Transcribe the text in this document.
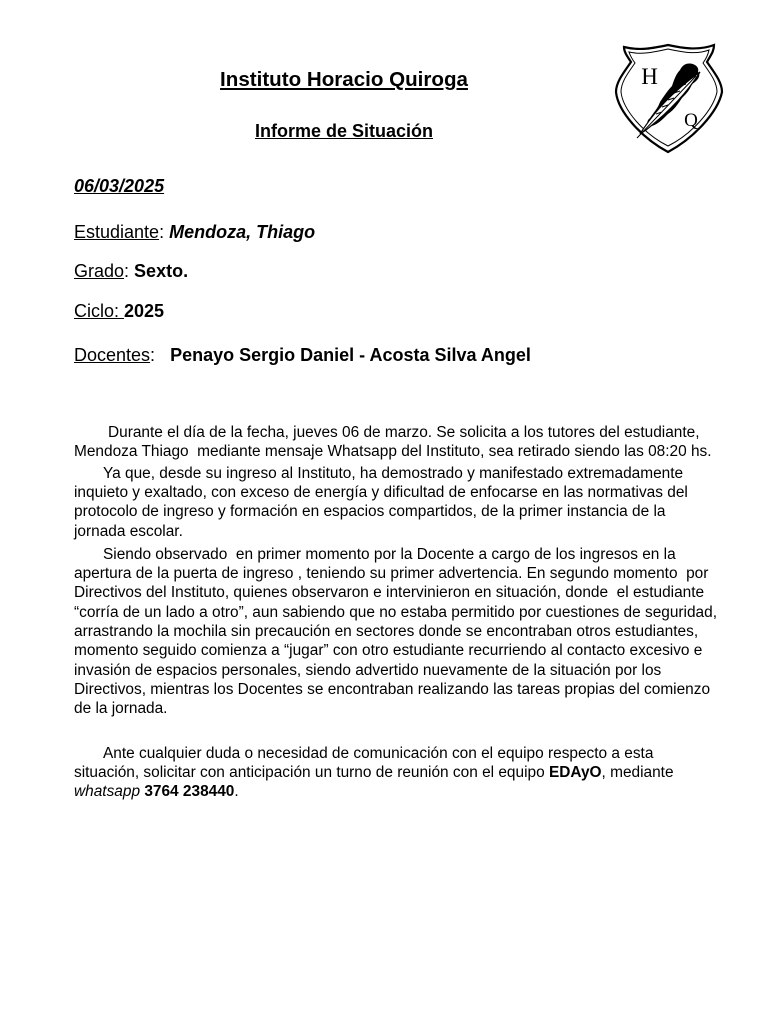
Instituto Horacio Quiroga
Informe de Situación
H
Q
06/03/2025
Estudiante: Mendoza, Thiago
Grado: Sexto.
Ciclo: 2025
Docentes:   Penayo Sergio Daniel - Acosta Silva Angel
Durante el día de la fecha, jueves 06 de marzo. Se solicita a los tutores del estudiante,
Mendoza Thiago  mediante mensaje Whatsapp del Instituto, sea retirado siendo las 08:20 hs.
Ya que, desde su ingreso al Instituto, ha demostrado y manifestado extremadamente
inquieto y exaltado, con exceso de energía y dificultad de enfocarse en las normativas del
protocolo de ingreso y formación en espacios compartidos, de la primer instancia de la
jornada escolar.
Siendo observado  en primer momento por la Docente a cargo de los ingresos en la
apertura de la puerta de ingreso , teniendo su primer advertencia. En segundo momento  por
Directivos del Instituto, quienes observaron e intervinieron en situación, donde  el estudiante
“corría de un lado a otro”, aun sabiendo que no estaba permitido por cuestiones de seguridad,
arrastrando la mochila sin precaución en sectores donde se encontraban otros estudiantes,
momento seguido comienza a “jugar” con otro estudiante recurriendo al contacto excesivo e
invasión de espacios personales, siendo advertido nuevamente de la situación por los
Directivos, mientras los Docentes se encontraban realizando las tareas propias del comienzo
de la jornada.
Ante cualquier duda o necesidad de comunicación con el equipo respecto a esta
situación, solicitar con anticipación un turno de reunión con el equipo EDAyO, mediante
whatsapp 3764 238440.
